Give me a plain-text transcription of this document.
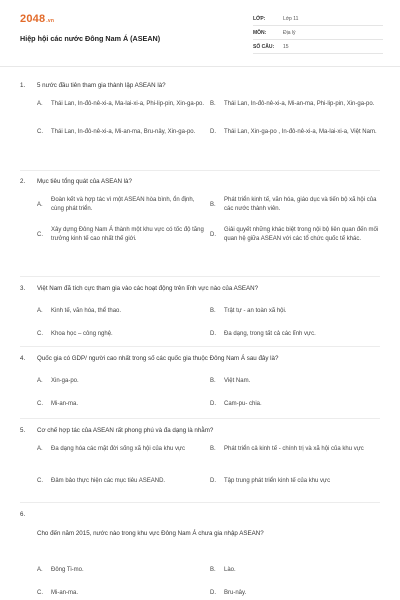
2048.vn
Hiệp hội các nước Đông Nam Á (ASEAN)
LỚP:	Lớp 11
MÔN:	Địa lý
SỐ CÂU:	15
1.	5 nước đầu tiên tham gia thành lập ASEAN là?
A.	Thái Lan, In-đô-nê-xi-a, Ma-lai-xi-a, Phi-lip-pin, Xin-ga-po. B.	Thái Lan, In-đô-nê-xi-a, Mi-an-ma, Phi-lip-pin, Xin-ga-po.
C.	Thái Lan, In-đô-nê-xi-a, Mi-an-ma, Bru-nây, Xin-ga-po.	D.	Thái Lan, Xin-ga-po , In-đô-nê-xi-a, Ma-lai-xi-a, Việt Nam.
2.	Mục tiêu tổng quát của ASEAN là?
A.
Đoàn kết và hợp tác vì một ASEAN hòa bình, ổn định, cùng phát triển.
B.
Phát triển kinh tế, văn hóa, giáo dục và tiến bộ xã hội của các nước thành viên.
C.
Xây dựng Đông Nam Á thành một khu vực có tốc độ tăng trưởng kinh tế cao nhất thế giới.
D.
Giải quyết những khác biệt trong nội bộ liên quan đến mối quan hệ giữa ASEAN với các tổ chức quốc tế khác.
3.	Việt Nam đã tích cực tham gia vào các hoạt động trên lĩnh vực nào của ASEAN?
A.	Kinh tế, văn hóa, thể thao.	B.	Trật tự - an toàn xã hội.
C.	Khoa học – công nghệ.	D.	Đa dạng, trong tất cả các lĩnh vực.
4.	Quốc gia có GDP/ người cao nhất trong số các quốc gia thuộc Đông Nam Á sau đây là?
A.	Xin-ga-po.	B.	Việt Nam.
C.	Mi-an-ma.	D.	Cam-pu- chia.
5.	Cơ chế hợp tác của ASEAN rất phong phú và đa dạng là nhằm?
A.	Đa dạng hóa các mặt đời sống xã hội của khu vực	B.	Phát triển cả kinh tế - chính trị và xã hội của khu vực
C.	Đảm bảo thực hiện các mục tiêu ASEAND.	D.	Tập trung phát triển kinh tế của khu vực
6.
Cho đến năm 2015, nước nào trong khu vực Đông Nam Á chưa gia nhập ASEAN?
A.	Đông Ti-mo.	B.	Lào.
C.	Mi-an-ma.	D.	Bru-nây.
